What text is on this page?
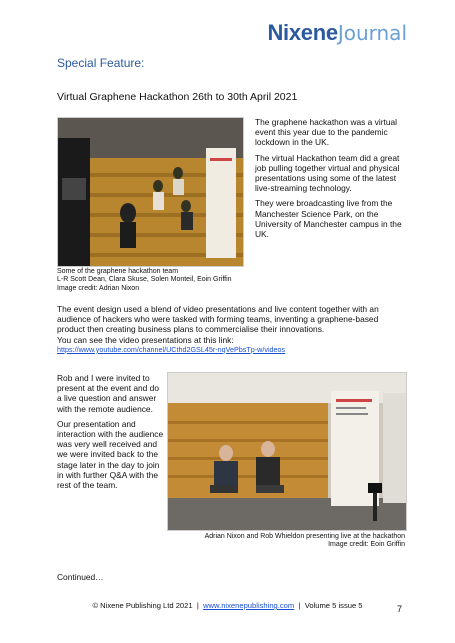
NixeneJournal
Special Feature:
Virtual Graphene Hackathon 26th to 30th April 2021
Some of the graphene hackathon team
L-R Scott Dean, Clara Skuse, Solen Monteil, Eoin Griffin
Image credit: Adrian Nixon

The graphene hackathon was a virtual event this year due to the pandemic lockdown in the UK.

The virtual Hackathon team did a great job pulling together virtual and physical presentations using some of the latest live-streaming technology.

They were broadcasting live from the Manchester Science Park, on the University of Manchester campus in the UK.

The event design used a blend of video presentations and live content together with an audience of hackers who were tasked with forming teams, inventing a graphene-based product then creating business plans to commercialise their innovations.

You can see the video presentations at this link:

https://www.youtube.com/channel/UCthd2GSL45r-nqVePbsTp-w/videos

Rob and I were invited to present at the event and do a live question and answer with the remote audience.

Our presentation and interaction with the audience was very well received and we were invited back to the stage later in the day to join in with further Q&A with the rest of the team.

Adrian Nixon and Rob Whieldon presenting live at the hackathon
Image credit: Eoin Griffin
Continued…
© Nixene Publishing Ltd 2021 | www.nixenepublishing.com | Volume 5 issue 5	7
